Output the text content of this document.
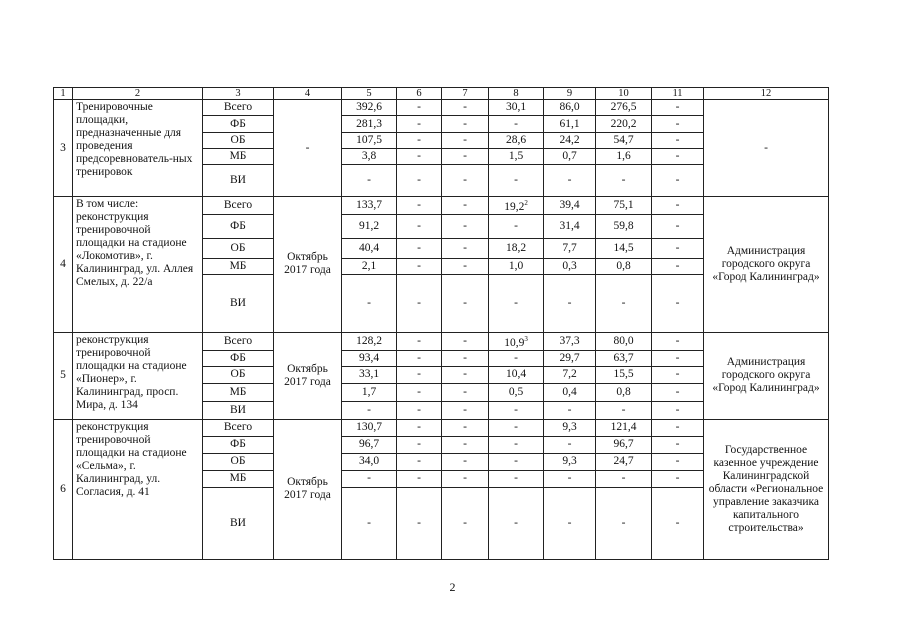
1	2	3	4	5	6	7	8	9	10	11	12
3	Тренировочные площадки, предназначенные для проведения предсоревнователь-ных тренировок	Всего	-	392,6	-	-	30,1	86,0	276,5	-	-
		ФБ		281,3	-	-	-	61,1	220,2	-	
		ОБ		107,5	-	-	28,6	24,2	54,7	-	
		МБ		3,8	-	-	1,5	0,7	1,6	-	
		ВИ		-	-	-	-	-	-	-	
4	В том числе: реконструкция тренировочной площадки на стадионе «Локомотив», г. Калининград, ул. Аллея Смелых, д. 22/а	Всего	Октябрь 2017 года	133,7	-	-	19,2$^2$	39,4	75,1	-	Администрация городского округа «Город Калининград»
		ФБ		91,2	-	-	-	31,4	59,8	-	
		ОБ		40,4	-	-	18,2	7,7	14,5	-	
		МБ		2,1	-	-	1,0	0,3	0,8	-	
		ВИ		-	-	-	-	-	-	-	
5	реконструкция тренировочной площадки на стадионе «Пионер», г. Калининград, просп. Мира, д. 134	Всего	Октябрь 2017 года	128,2	-	-	10,9$^3$	37,3	80,0	-	Администрация городского округа «Город Калининград»
		ФБ		93,4	-	-	-	29,7	63,7	-	
		ОБ		33,1	-	-	10,4	7,2	15,5	-	
		МБ		1,7	-	-	0,5	0,4	0,8	-	
		ВИ		-	-	-	-	-	-	-	
6	реконструкция тренировочной площадки на стадионе «Сельма», г. Калининград, ул. Согласия, д. 41	Всего	Октябрь 2017 года	130,7	-	-	-	9,3	121,4	-	Государственное казенное учреждение Калининградской области «Региональное управление заказчика капитального строительства»
		ФБ		96,7	-	-	-	-	96,7	-	
		ОБ		34,0	-	-	-	9,3	24,7	-	
		МБ		-	-	-	-	-	-	-	
		ВИ		-	-	-	-	-	-	-	
2
